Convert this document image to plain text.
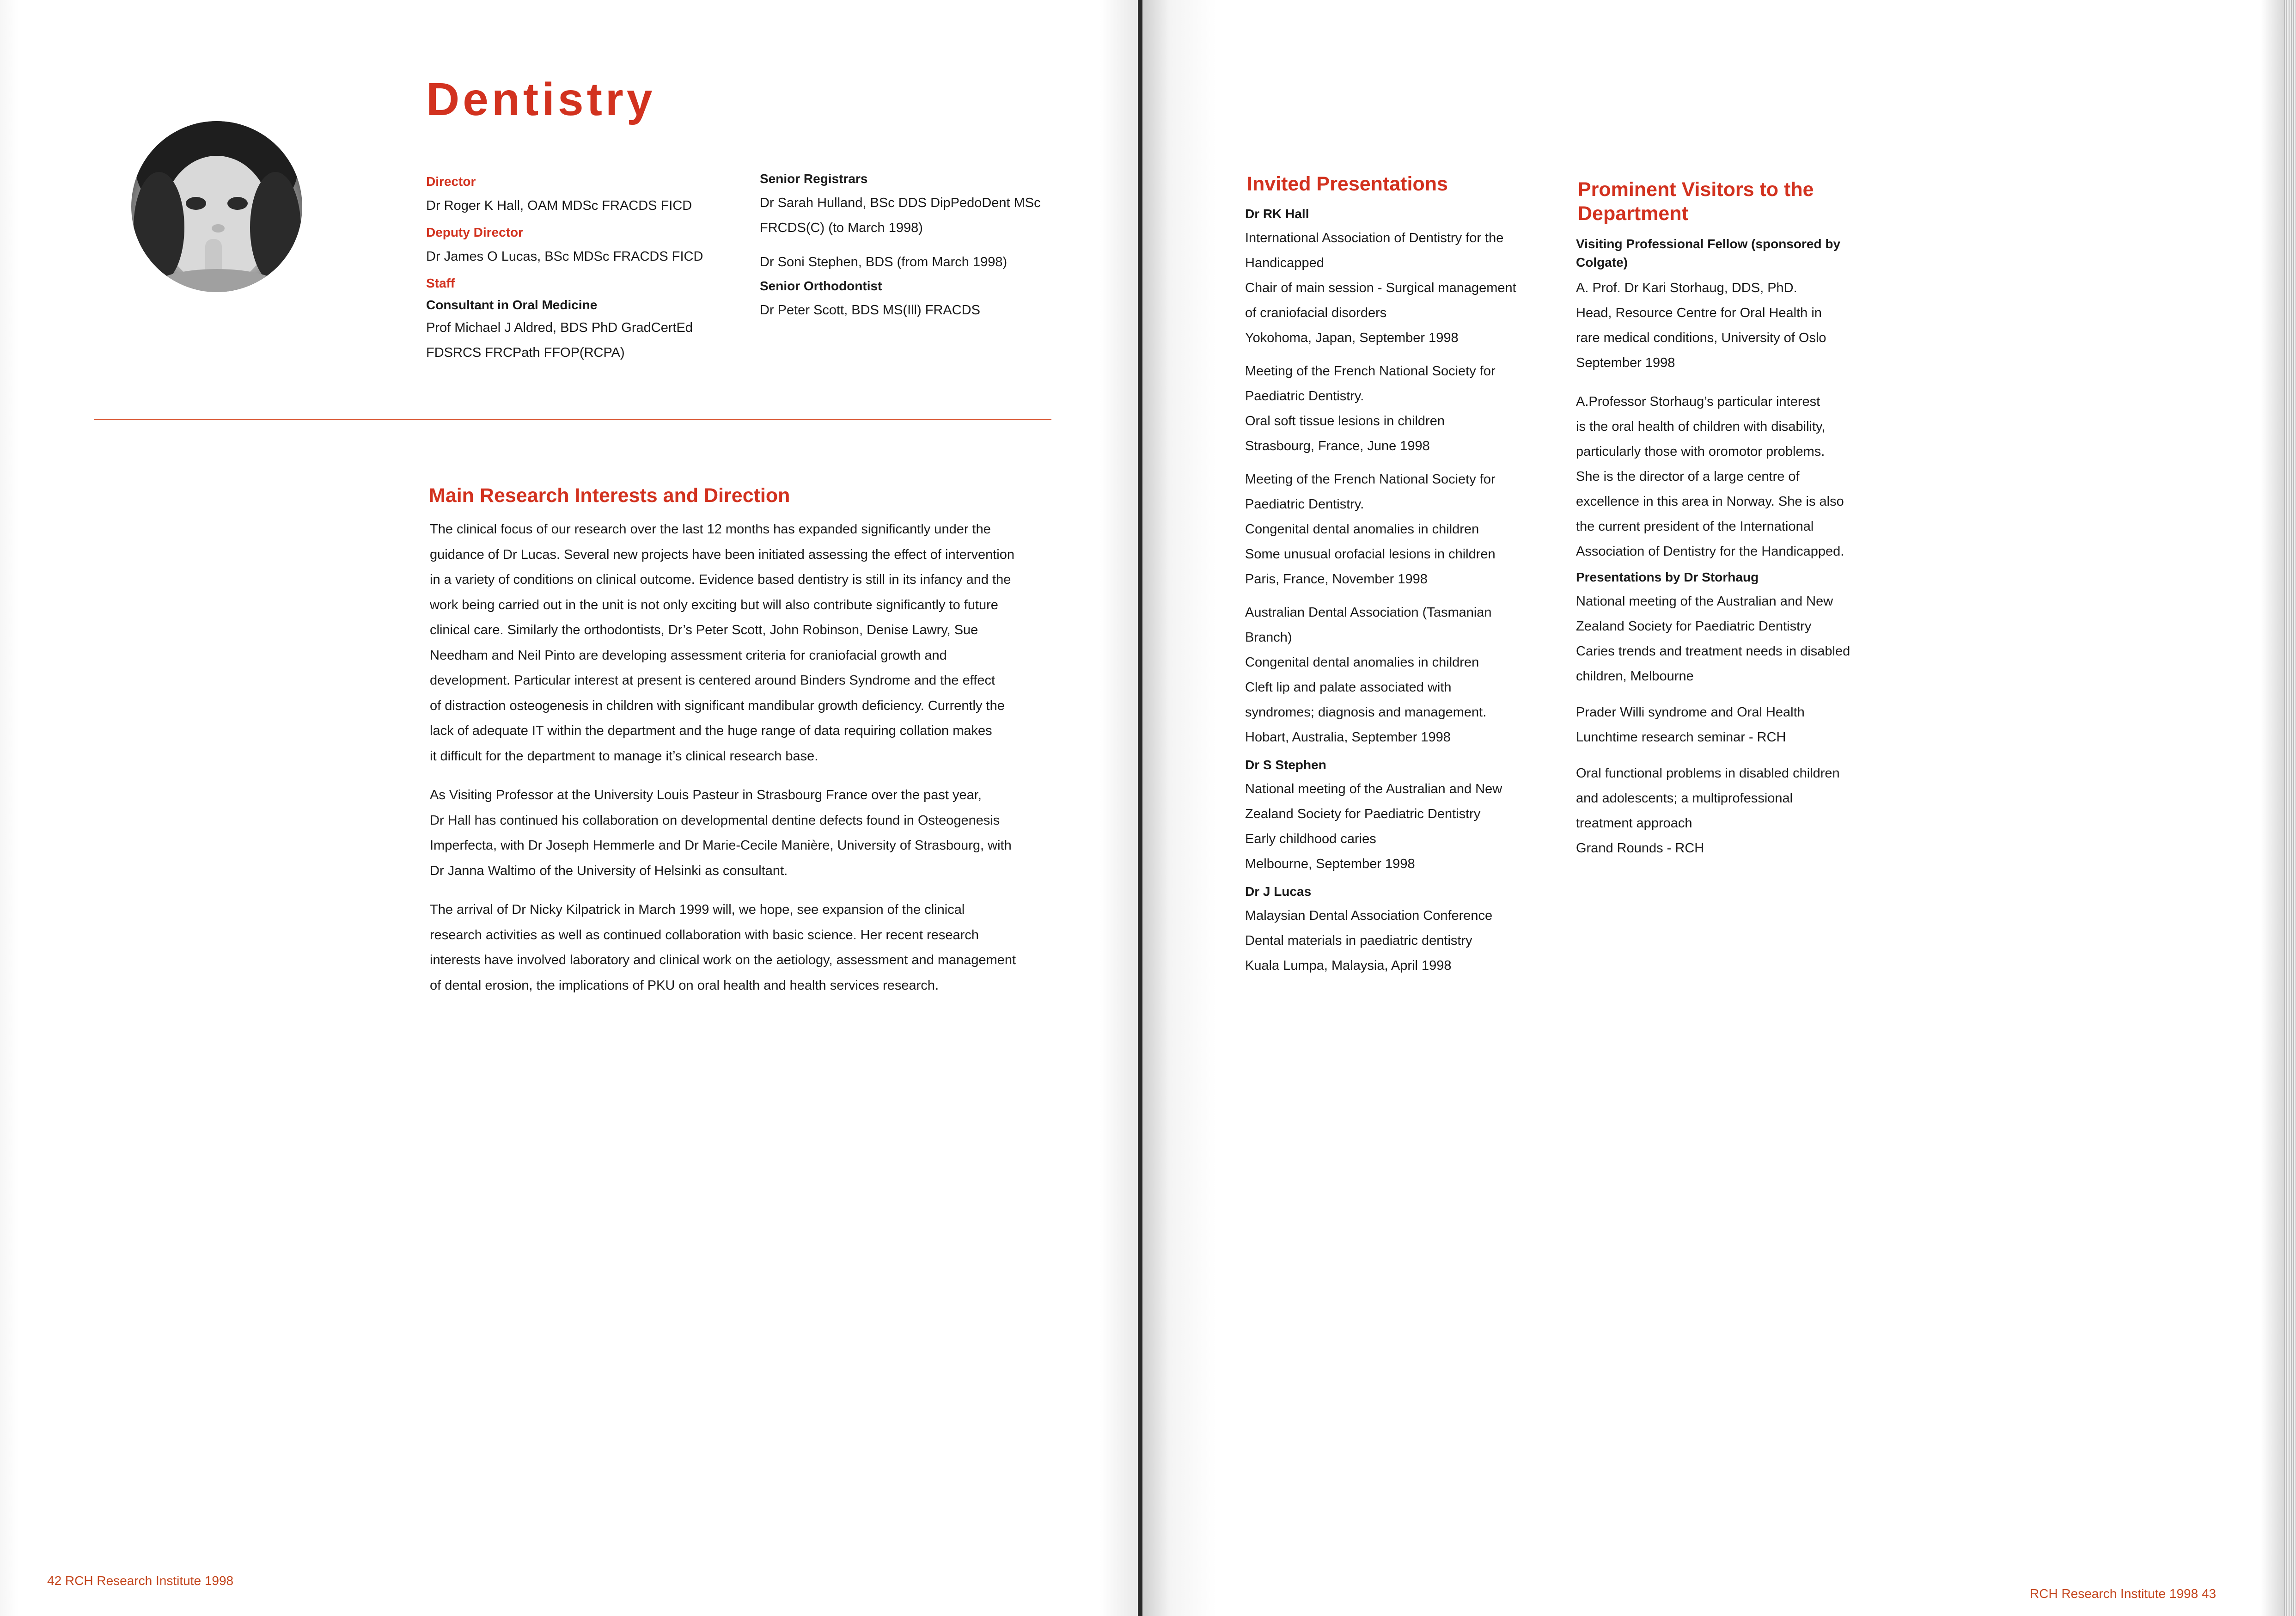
Dentistry
Director
Dr Roger K Hall, OAM MDSc FRACDS FICD
Deputy Director
Dr James O Lucas, BSc MDSc FRACDS FICD
Staff
Consultant in Oral Medicine
Prof Michael J Aldred, BDS PhD GradCertEd
FDSRCS FRCPath FFOP(RCPA)
Senior Registrars
Dr Sarah Hulland, BSc DDS DipPedoDent MSc
FRCDS(C) (to March 1998)
Dr Soni Stephen, BDS (from March 1998)
Senior Orthodontist
Dr Peter Scott, BDS MS(Ill) FRACDS
Main Research Interests and Direction

The clinical focus of our research over the last 12 months has expanded significantly under the

guidance of Dr Lucas. Several new projects have been initiated assessing the effect of intervention

in a variety of conditions on clinical outcome. Evidence based dentistry is still in its infancy and the

work being carried out in the unit is not only exciting but will also contribute significantly to future

clinical care. Similarly the orthodontists, Dr’s Peter Scott, John Robinson, Denise Lawry, Sue

Needham and Neil Pinto are developing assessment criteria for craniofacial growth and

development. Particular interest at present is centered around Binders Syndrome and the effect

of distraction osteogenesis in children with significant mandibular growth deficiency. Currently the

lack of adequate IT within the department and the huge range of data requiring collation makes

it difficult for the department to manage it’s clinical research base.

As Visiting Professor at the University Louis Pasteur in Strasbourg France over the past year,

Dr Hall has continued his collaboration on developmental dentine defects found in Osteogenesis

Imperfecta, with Dr Joseph Hemmerle and Dr Marie-Cecile Manière, University of Strasbourg, with

Dr Janna Waltimo of the University of Helsinki as consultant.

The arrival of Dr Nicky Kilpatrick in March 1999 will, we hope, see expansion of the clinical

research activities as well as continued collaboration with basic science. Her recent research

interests have involved laboratory and clinical work on the aetiology, assessment and management

of dental erosion, the implications of PKU on oral health and health services research.

42 RCH Research Institute 1998
Invited Presentations
Dr RK Hall
International Association of Dentistry for the
Handicapped
Chair of main session - Surgical management
of craniofacial disorders
Yokohoma, Japan, September 1998
Meeting of the French National Society for
Paediatric Dentistry.
Oral soft tissue lesions in children
Strasbourg, France, June 1998
Meeting of the French National Society for
Paediatric Dentistry.
Congenital dental anomalies in children
Some unusual orofacial lesions in children
Paris, France, November 1998
Australian Dental Association (Tasmanian
Branch)
Congenital dental anomalies in children
Cleft lip and palate associated with
syndromes; diagnosis and management.
Hobart, Australia, September 1998
Dr S Stephen
National meeting of the Australian and New
Zealand Society for Paediatric Dentistry
Early childhood caries
Melbourne, September 1998
Dr J Lucas
Malaysian Dental Association Conference
Dental materials in paediatric dentistry
Kuala Lumpa, Malaysia, April 1998
Prominent Visitors to the
Department
Visiting Professional Fellow (sponsored by
Colgate)
A. Prof. Dr Kari Storhaug, DDS, PhD.
Head, Resource Centre for Oral Health in
rare medical conditions, University of Oslo
September 1998
A.Professor Storhaug’s particular interest
is the oral health of children with disability,
particularly those with oromotor problems.
She is the director of a large centre of
excellence in this area in Norway. She is also
the current president of the International
Association of Dentistry for the Handicapped.
Presentations by Dr Storhaug
National meeting of the Australian and New
Zealand Society for Paediatric Dentistry
Caries trends and treatment needs in disabled
children, Melbourne
Prader Willi syndrome and Oral Health
Lunchtime research seminar - RCH
Oral functional problems in disabled children
and adolescents; a multiprofessional
treatment approach
Grand Rounds - RCH
RCH Research Institute 1998 43
